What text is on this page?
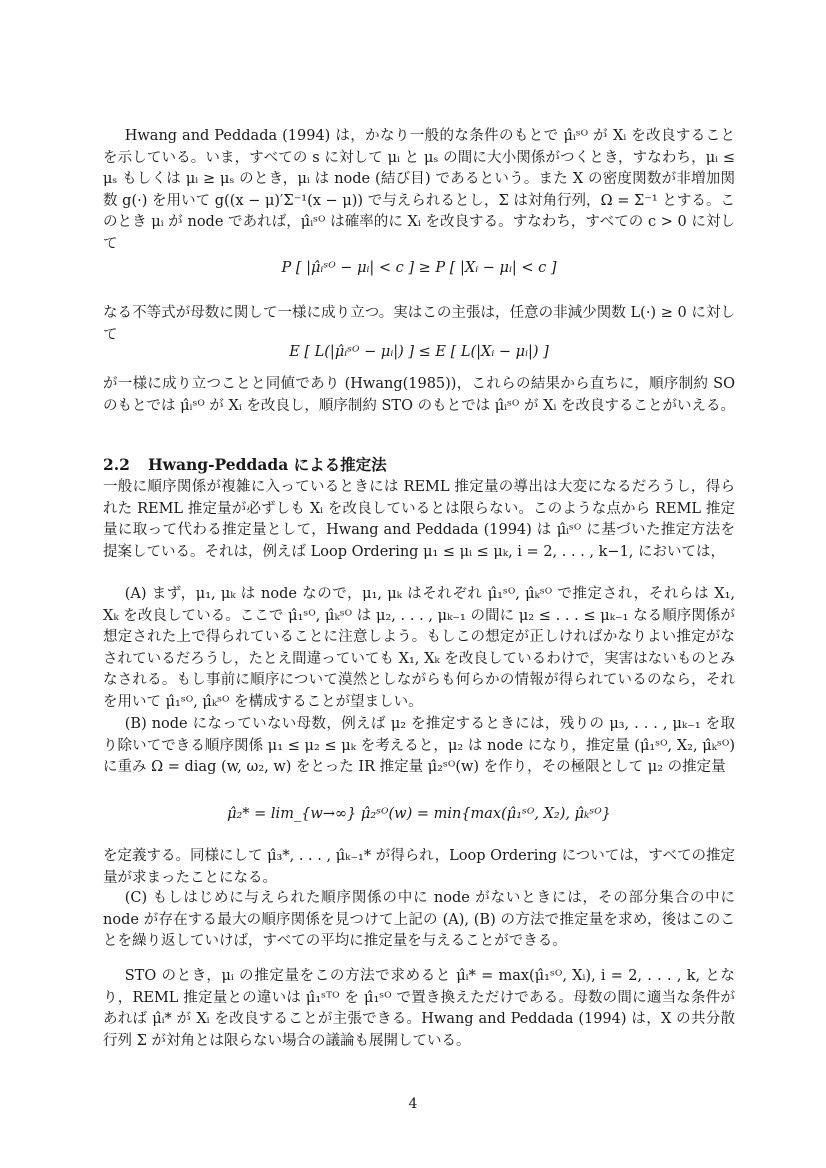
Hwang and Peddada (1994) は，かなり一般的な条件のもとで μ̂ᵢˢᴼ が Xᵢ を改良することを示している。いま，すべての s に対して μᵢ と μₛ の間に大小関係がつくとき，すなわち，μᵢ ≤ μₛ もしくは μᵢ ≥ μₛ のとき，μᵢ は node (結び目) であるという。また X の密度関数が非増加関数 g(·) を用いて g((x − μ)′Σ⁻¹(x − μ)) で与えられるとし，Σ は対角行列，Ω = Σ⁻¹ とする。このとき μᵢ が node であれば，μ̂ᵢˢᴼ は確率的に Xᵢ を改良する。すなわち，すべての c > 0 に対して

P [ |μ̂ᵢˢᴼ − μᵢ| < c ] ≥ P [ |Xᵢ − μᵢ| < c ]

なる不等式が母数に関して一様に成り立つ。実はこの主張は，任意の非減少関数 L(·) ≥ 0 に対して

E [ L(|μ̂ᵢˢᴼ − μᵢ|) ] ≤ E [ L(|Xᵢ − μᵢ|) ]

が一様に成り立つことと同値であり (Hwang(1985))，これらの結果から直ちに，順序制約 SO のもとでは μ̂ᵢˢᴼ が Xᵢ を改良し，順序制約 STO のもとでは μ̂ᵢˢᴼ が Xᵢ を改良することがいえる。

2.2 Hwang-Peddada による推定法

一般に順序関係が複雑に入っているときには REML 推定量の導出は大変になるだろうし，得られた REML 推定量が必ずしも Xᵢ を改良しているとは限らない。このような点から REML 推定量に取って代わる推定量として，Hwang and Peddada (1994) は μ̂ᵢˢᴼ に基づいた推定方法を提案している。それは，例えば Loop Ordering μ₁ ≤ μᵢ ≤ μₖ, i = 2, . . . , k−1, においては，

(A) まず，μ₁, μₖ は node なので，μ₁, μₖ はそれぞれ μ̂₁ˢᴼ, μ̂ₖˢᴼ で推定され，それらは X₁, Xₖ を改良している。ここで μ̂₁ˢᴼ, μ̂ₖˢᴼ は μ₂, . . . , μₖ₋₁ の間に μ₂ ≤ . . . ≤ μₖ₋₁ なる順序関係が想定された上で得られていることに注意しよう。もしこの想定が正しければかなりよい推定がなされているだろうし，たとえ間違っていても X₁, Xₖ を改良しているわけで，実害はないものとみなされる。もし事前に順序について漠然としながらも何らかの情報が得られているのなら，それを用いて μ̂₁ˢᴼ, μ̂ₖˢᴼ を構成することが望ましい。

(B) node になっていない母数，例えば μ₂ を推定するときには，残りの μ₃, . . . , μₖ₋₁ を取り除いてできる順序関係 μ₁ ≤ μ₂ ≤ μₖ を考えると，μ₂ は node になり，推定量 (μ̂₁ˢᴼ, X₂, μ̂ₖˢᴼ) に重み Ω = diag (w, ω₂, w) をとった IR 推定量 μ̂₂ˢᴼ(w) を作り，その極限として μ₂ の推定量

μ̂₂* = lim_{w→∞} μ̂₂ˢᴼ(w) = min{max(μ̂₁ˢᴼ, X₂), μ̂ₖˢᴼ}

を定義する。同様にして μ̂₃*, . . . , μ̂ₖ₋₁* が得られ，Loop Ordering については，すべての推定量が求まったことになる。

(C) もしはじめに与えられた順序関係の中に node がないときには，その部分集合の中に node が存在する最大の順序関係を見つけて上記の (A), (B) の方法で推定量を求め，後はこのことを繰り返していけば，すべての平均に推定量を与えることができる。

STO のとき，μᵢ の推定量をこの方法で求めると μ̂ᵢ* = max(μ̂₁ˢᴼ, Xᵢ), i = 2, . . . , k, となり，REML 推定量との違いは μ̂₁ˢᵀᴼ を μ̂₁ˢᴼ で置き換えただけである。母数の間に適当な条件があれば μ̂ᵢ* が Xᵢ を改良することが主張できる。Hwang and Peddada (1994) は，X の共分散行列 Σ が対角とは限らない場合の議論も展開している。

4
